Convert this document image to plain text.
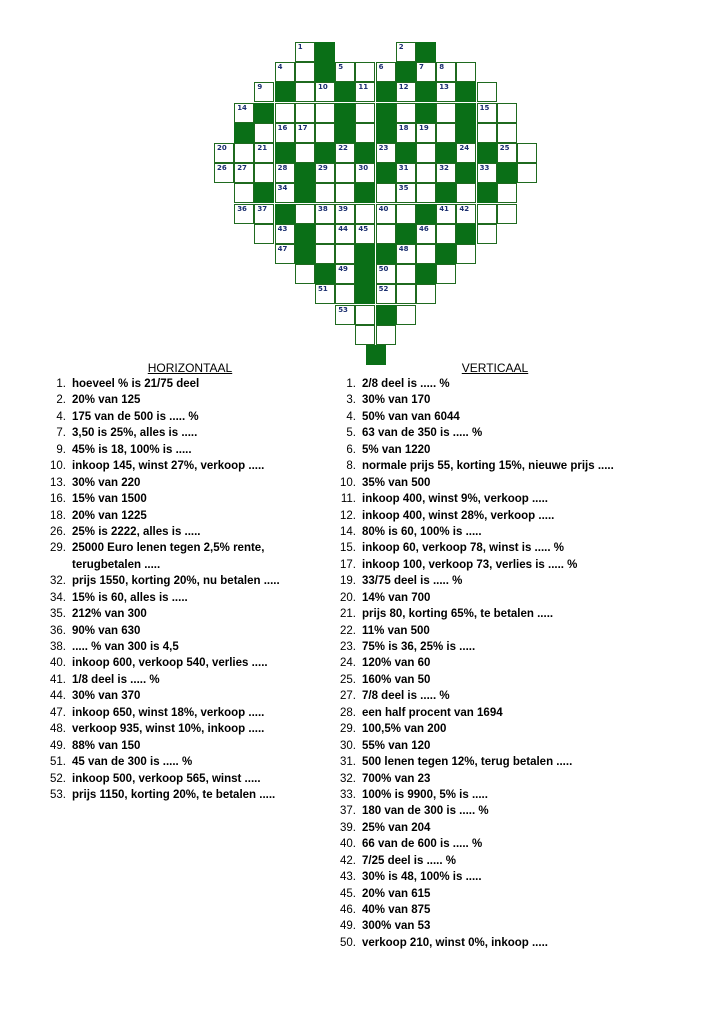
1	2
4	5	6	7 8
9	10	11	12	13
14	15
16 17	18 19
20	21	22	23	24	25
26 27	28	29	30	31	32	33
34	35
36 37	38 39	40	41 42
43	44 45	46
47	48
49	50
51	52
53
HORIZONTAAL
1. hoeveel % is 21/75 deel
2. 20% van 125
4. 175 van de 500 is ..... %
7. 3,50 is 25%, alles is .....
9. 45% is 18, 100% is .....
10. inkoop 145, winst 27%, verkoop .....
13. 30% van 220
16. 15% van 1500
18. 20% van 1225
26. 25% is 2222, alles is .....
29. 25000 Euro lenen tegen 2,5% rente,
terugbetalen .....
32. prijs 1550, korting 20%, nu betalen .....
34. 15% is 60, alles is .....
35. 212% van 300
36. 90% van 630
38. ..... % van 300 is 4,5
40. inkoop 600, verkoop 540, verlies .....
41. 1/8 deel is ..... %
44. 30% van 370
47. inkoop 650, winst 18%, verkoop .....
48. verkoop 935, winst 10%, inkoop .....
49. 88% van 150
51. 45 van de 300 is ..... %
52. inkoop 500, verkoop 565, winst .....
53. prijs 1150, korting 20%, te betalen .....
VERTICAAL
1. 2/8 deel is ..... %
3. 30% van 170
4. 50% van van 6044
5. 63 van de 350 is ..... %
6. 5% van 1220
8. normale prijs 55, korting 15%, nieuwe prijs .....
10. 35% van 500
11. inkoop 400, winst 9%, verkoop .....
12. inkoop 400, winst 28%, verkoop .....
14. 80% is 60, 100% is .....
15. inkoop 60, verkoop 78, winst is ..... %
17. inkoop 100, verkoop 73, verlies is ..... %
19. 33/75 deel is ..... %
20. 14% van 700
21. prijs 80, korting 65%, te betalen .....
22. 11% van 500
23. 75% is 36, 25% is .....
24. 120% van 60
25. 160% van 50
27. 7/8 deel is ..... %
28. een half procent van 1694
29. 100,5% van 200
30. 55% van 120
31. 500 lenen tegen 12%, terug betalen .....
32. 700% van 23
33. 100% is 9900, 5% is .....
37. 180 van de 300 is ..... %
39. 25% van 204
40. 66 van de 600 is ..... %
42. 7/25 deel is ..... %
43. 30% is 48, 100% is .....
45. 20% van 615
46. 40% van 875
49. 300% van 53
50. verkoop 210, winst 0%, inkoop .....
